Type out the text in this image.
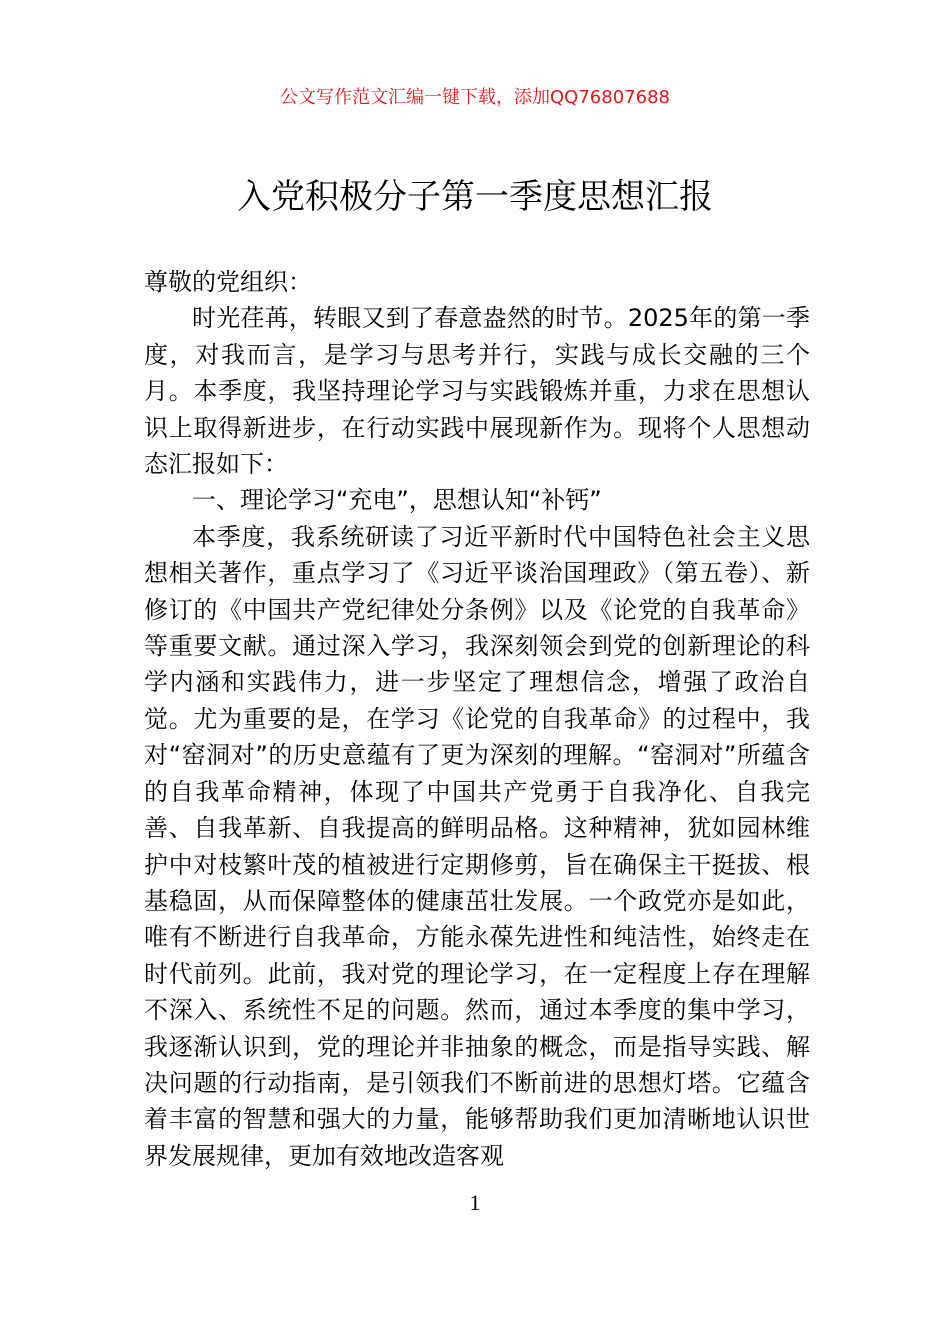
公文写作范文汇编一键下载，添加QQ76807688
入党积极分子第一季度思想汇报

尊敬的党组织：

时光荏苒，转眼又到了春意盎然的时节。2025年的第一季度，对我而言，是学习与思考并行，实践与成长交融的三个月。本季度，我坚持理论学习与实践锻炼并重，力求在思想认识上取得新进步，在行动实践中展现新作为。现将个人思想动态汇报如下：

一、理论学习“充电”，思想认知“补钙”

本季度，我系统研读了习近平新时代中国特色社会主义思想相关著作，重点学习了《习近平谈治国理政》（第五卷）、新修订的《中国共产党纪律处分条例》以及《论党的自我革命》等重要文献。通过深入学习，我深刻领会到党的创新理论的科学内涵和实践伟力，进一步坚定了理想信念，增强了政治自觉。尤为重要的是，在学习《论党的自我革命》的过程中，我对“窑洞对”的历史意蕴有了更为深刻的理解。“窑洞对”所蕴含的自我革命精神，体现了中国共产党勇于自我净化、自我完善、自我革新、自我提高的鲜明品格。这种精神，犹如园林维护中对枝繁叶茂的植被进行定期修剪，旨在确保主干挺拔、根基稳固，从而保障整体的健康茁壮发展。一个政党亦是如此，唯有不断进行自我革命，方能永葆先进性和纯洁性，始终走在时代前列。此前，我对党的理论学习，在一定程度上存在理解不深入、系统性不足的问题。然而，通过本季度的集中学习，我逐渐认识到，党的理论并非抽象的概念，而是指导实践、解决问题的行动指南，是引领我们不断前进的思想灯塔。它蕴含着丰富的智慧和强大的力量，能够帮助我们更加清晰地认识世界发展规律，更加有效地改造客观

1
